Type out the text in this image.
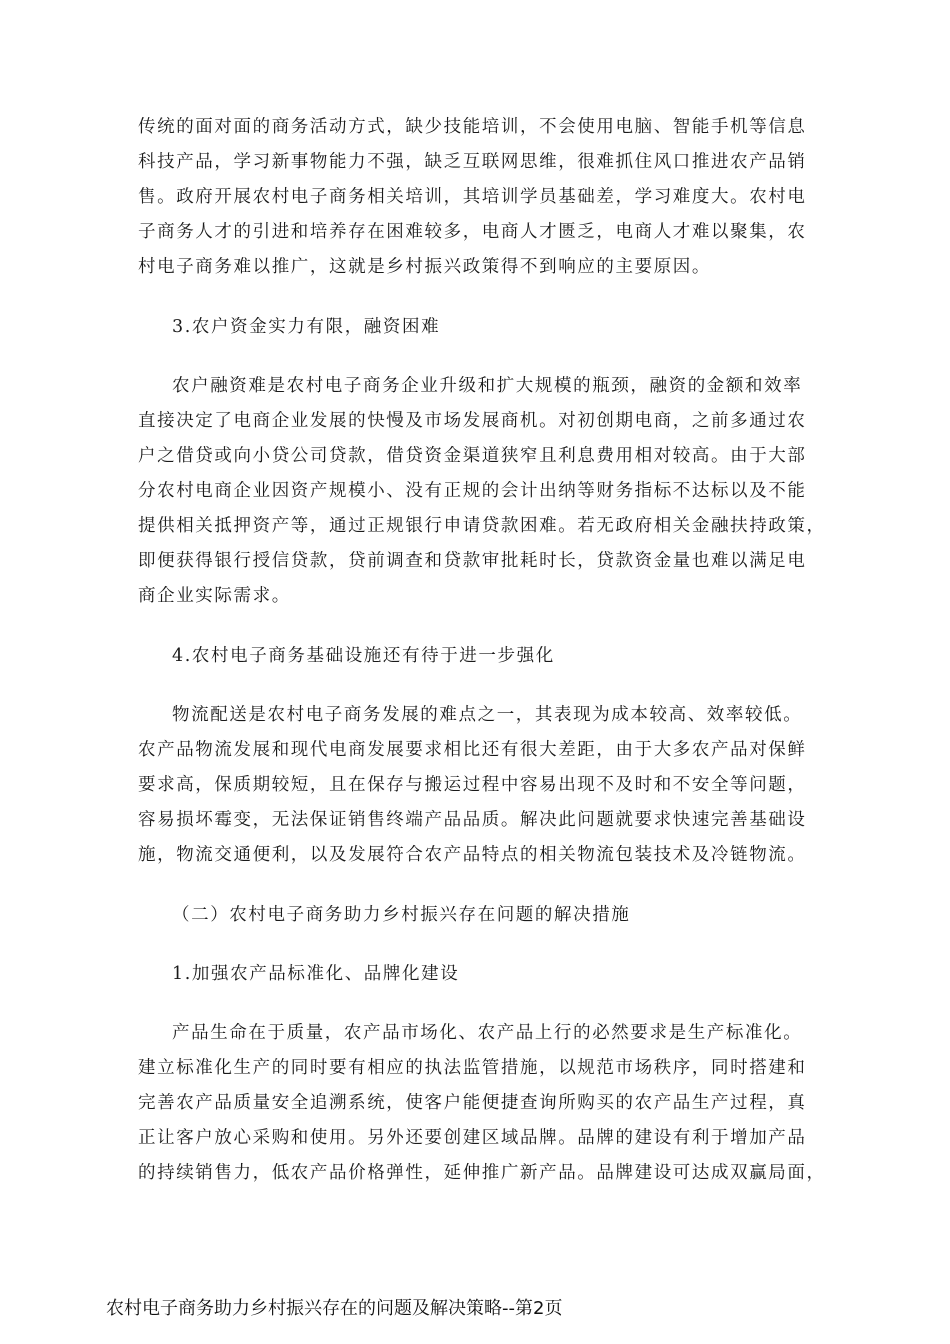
传统的面对面的商务活动方式，缺少技能培训，不会使用电脑、智能手机等信息
科技产品，学习新事物能力不强，缺乏互联网思维，很难抓住风口推进农产品销
售。政府开展农村电子商务相关培训，其培训学员基础差，学习难度大。农村电
子商务人才的引进和培养存在困难较多，电商人才匮乏，电商人才难以聚集，农
村电子商务难以推广，这就是乡村振兴政策得不到响应的主要原因。
3.农户资金实力有限，融资困难
农户融资难是农村电子商务企业升级和扩大规模的瓶颈，融资的金额和效率
直接决定了电商企业发展的快慢及市场发展商机。对初创期电商，之前多通过农
户之借贷或向小贷公司贷款，借贷资金渠道狭窄且利息费用相对较高。由于大部
分农村电商企业因资产规模小、没有正规的会计出纳等财务指标不达标以及不能
提供相关抵押资产等，通过正规银行申请贷款困难。若无政府相关金融扶持政策，
即便获得银行授信贷款，贷前调查和贷款审批耗时长，贷款资金量也难以满足电
商企业实际需求。
4.农村电子商务基础设施还有待于进一步强化
物流配送是农村电子商务发展的难点之一，其表现为成本较高、效率较低。
农产品物流发展和现代电商发展要求相比还有很大差距，由于大多农产品对保鲜
要求高，保质期较短，且在保存与搬运过程中容易出现不及时和不安全等问题，
容易损坏霉变，无法保证销售终端产品品质。解决此问题就要求快速完善基础设
施，物流交通便利，以及发展符合农产品特点的相关物流包装技术及冷链物流。
（二）农村电子商务助力乡村振兴存在问题的解决措施
1.加强农产品标准化、品牌化建设
产品生命在于质量，农产品市场化、农产品上行的必然要求是生产标准化。
建立标准化生产的同时要有相应的执法监管措施，以规范市场秩序，同时搭建和
完善农产品质量安全追溯系统，使客户能便捷查询所购买的农产品生产过程，真
正让客户放心采购和使用。另外还要创建区域品牌。品牌的建设有利于增加产品
的持续销售力，低农产品价格弹性，延伸推广新产品。品牌建设可达成双赢局面，
农村电子商务助力乡村振兴存在的问题及解决策略--第2页
